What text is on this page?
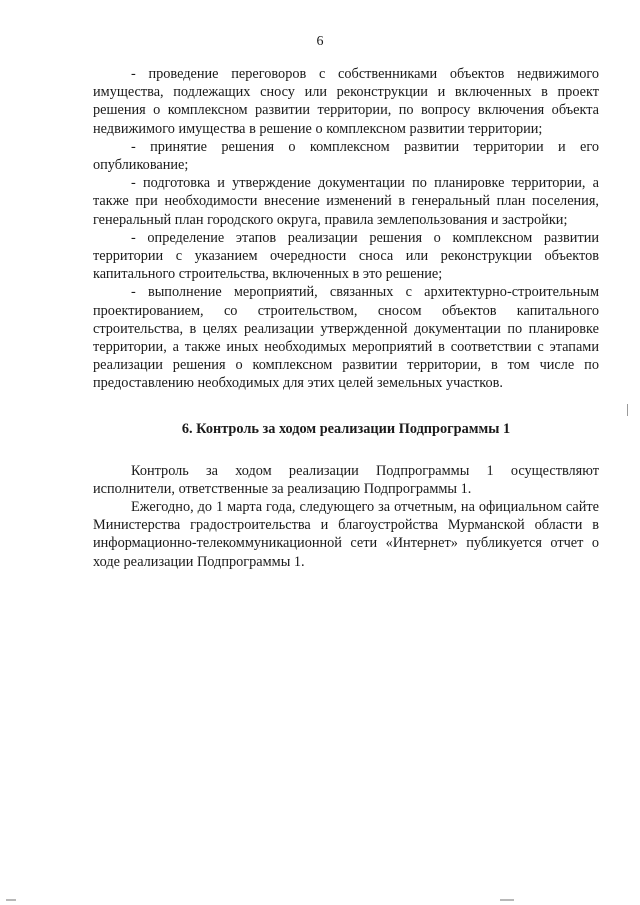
6

- проведение переговоров с собственниками объектов недвижимого имущества, подлежащих сносу или реконструкции и включенных в проект решения о комплексном развитии территории, по вопросу включения объекта недвижимого имущества в решение о комплексном развитии территории;

- принятие решения о комплексном развитии территории и его опубликование;

- подготовка и утверждение документации по планировке территории, а также при необходимости внесение изменений в генеральный план поселения, генеральный план городского округа, правила землепользования и застройки;

- определение этапов реализации решения о комплексном развитии территории с указанием очередности сноса или реконструкции объектов капитального строительства, включенных в это решение;

- выполнение мероприятий, связанных с архитектурно-строительным проектированием, со строительством, сносом объектов капитального строительства, в целях реализации утвержденной документации по планировке территории, а также иных необходимых мероприятий в соответствии с этапами реализации решения о комплексном развитии территории, в том числе по предоставлению необходимых для этих целей земельных участков.

6. Контроль за ходом реализации Подпрограммы 1

Контроль за ходом реализации Подпрограммы 1 осуществляют исполнители, ответственные за реализацию Подпрограммы 1.

Ежегодно, до 1 марта года, следующего за отчетным, на официальном сайте Министерства градостроительства и благоустройства Мурманской области в информационно-телекоммуникационной сети «Интернет» публикуется отчет о ходе реализации Подпрограммы 1.
